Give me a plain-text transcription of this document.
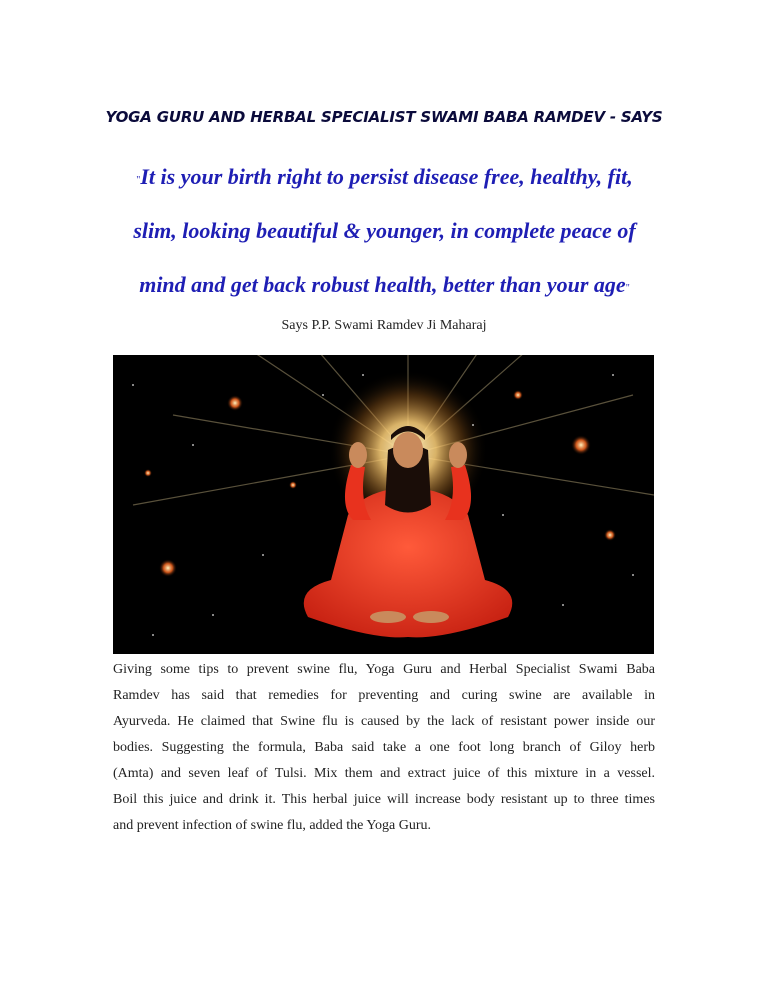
YOGA GURU AND HERBAL SPECIALIST SWAMI BABA RAMDEV - SAYS
"It is your birth right to persist disease free, healthy, fit,
slim, looking beautiful & younger, in complete peace of
mind and get back robust health, better than your age"
Says P.P. Swami Ramdev Ji Maharaj
Giving some tips to prevent swine flu, Yoga Guru and Herbal Specialist Swami Baba
Ramdev has said that remedies for preventing and curing swine are available in
Ayurveda. He claimed that Swine flu is caused by the lack of resistant power inside our
bodies. Suggesting the formula, Baba said take a one foot long branch of Giloy herb
(Amta) and seven leaf of Tulsi. Mix them and extract juice of this mixture in a vessel.
Boil this juice and drink it. This herbal juice will increase body resistant up to three times
and prevent infection of swine flu, added the Yoga Guru.
